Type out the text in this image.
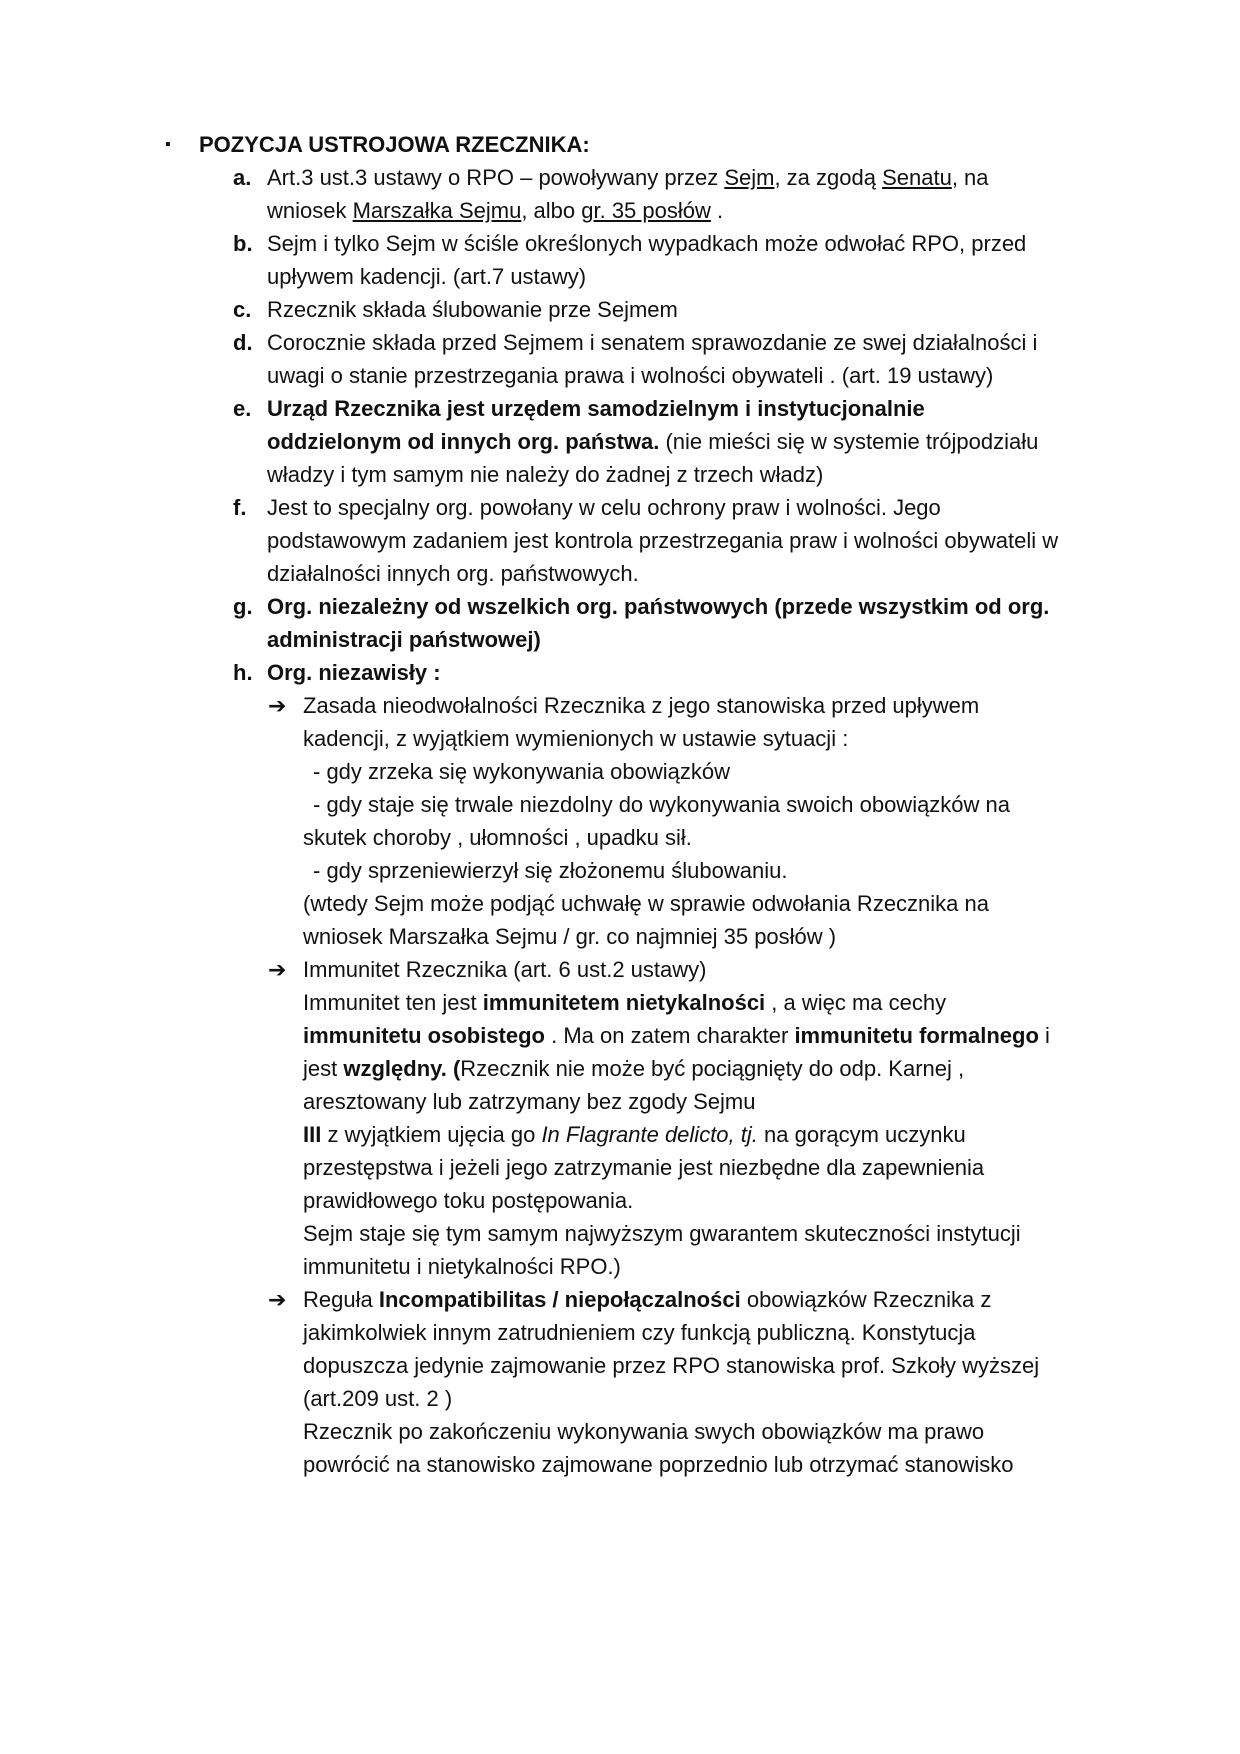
▪ POZYCJA USTROJOWA RZECZNIKA:
a. Art.3 ust.3 ustawy o RPO – powoływany przez Sejm, za zgodą Senatu, na wniosek Marszałka Sejmu, albo gr. 35 posłów .
b. Sejm i tylko Sejm w ściśle określonych wypadkach może odwołać RPO, przed upływem kadencji. (art.7 ustawy)
c. Rzecznik składa ślubowanie prze Sejmem
d. Corocznie składa przed Sejmem i senatem sprawozdanie ze swej działalności i uwagi o stanie przestrzegania prawa i wolności obywateli . (art. 19 ustawy)
e. Urząd Rzecznika jest urzędem samodzielnym i instytucjonalnie oddzielonym od innych org. państwa. (nie mieści się w systemie trójpodziału władzy i tym samym nie należy do żadnej z trzech władz)
f. Jest to specjalny org. powołany w celu ochrony praw i wolności. Jego podstawowym zadaniem jest kontrola przestrzegania praw i wolności obywateli w działalności innych org. państwowych.
g. Org. niezależny od wszelkich org. państwowych (przede wszystkim od org. administracji państwowej)
h. Org. niezawisły :
➔ Zasada nieodwołalności Rzecznika z jego stanowiska przed upływem kadencji, z wyjątkiem wymienionych w ustawie sytuacji :
- gdy zrzeka się wykonywania obowiązków
- gdy staje się trwale niezdolny do wykonywania swoich obowiązków na skutek choroby , ułomności , upadku sił.
- gdy sprzeniewierzył się złożonemu ślubowaniu.
(wtedy Sejm może podjąć uchwałę w sprawie odwołania Rzecznika na wniosek Marszałka Sejmu / gr. co najmniej 35 posłów )
➔ Immunitet Rzecznika (art. 6 ust.2 ustawy)
Immunitet ten jest immunitetem nietykalności , a więc ma cechy immunitetu osobistego . Ma on zatem charakter immunitetu formalnego i jest względny. (Rzecznik nie może być pociągnięty do odp. Karnej , aresztowany lub zatrzymany bez zgody Sejmu
III z wyjątkiem ujęcia go In Flagrante delicto, tj. na gorącym uczynku przestępstwa i jeżeli jego zatrzymanie jest niezbędne dla zapewnienia prawidłowego toku postępowania.
Sejm staje się tym samym najwyższym gwarantem skuteczności instytucji immunitetu i nietykalności RPO.)
➔ Reguła Incompatibilitas / niepołączalności obowiązków Rzecznika z jakimkolwiek innym zatrudnieniem czy funkcją publiczną. Konstytucja dopuszcza jedynie zajmowanie przez RPO stanowiska prof. Szkoły wyższej (art.209 ust. 2 )
Rzecznik po zakończeniu wykonywania swych obowiązków ma prawo powrócić na stanowisko zajmowane poprzednio lub otrzymać stanowisko
